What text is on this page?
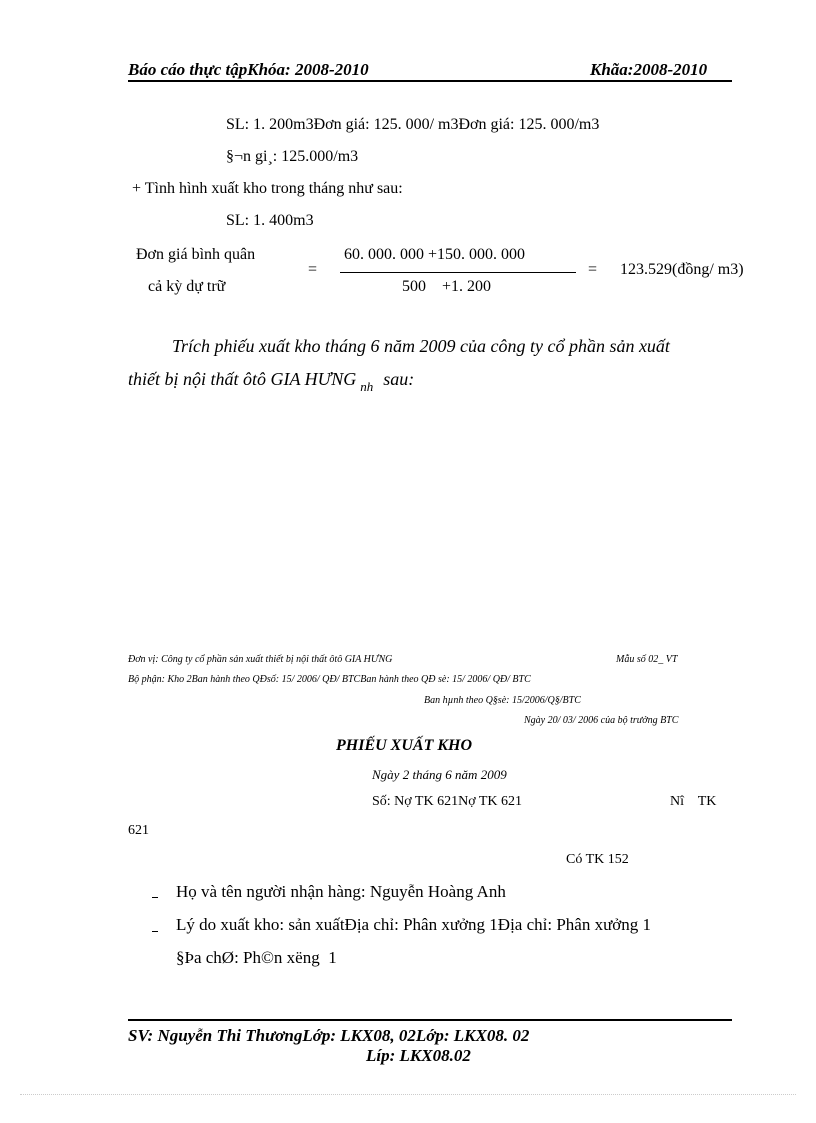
Báo cáo thực tậpKhóa: 2008-2010	Khãa:2008-2010
SL: 1. 200m3Đơn giá: 125. 000/ m3Đơn giá: 125. 000/m3
§¬n gi¸: 125.000/m3
+ Tình hình xuất kho trong tháng như sau:
SL: 1. 400m3
Đơn giá bình quân
cả kỳ dự trữ
=
60. 000. 000 +150. 000. 000
500    +1. 200
= 123.529(đồng/ m3)
Trích phiếu xuất kho tháng 6 năm 2009 của công ty cổ phần sản xuất
thiết bị nội thất ôtô GIA HƯNG $_{nh}$ sau:
Đơn vị: Công ty cổ phần sản xuất thiết bị nội thất ôtô GIA HƯNG	Mẫu số 02_ VT
Bộ phận: Kho 2Ban hành theo QĐsố: 15/ 2006/ QĐ/ BTCBan hành theo QĐ sè: 15/ 2006/ QĐ/ BTC
Ban hµnh theo Q§sè: 15/2006/Q§/BTC
Ngày 20/ 03/ 2006 của bộ trưởng BTC
PHIẾU XUẤT KHO
Ngày 2 tháng 6 năm 2009
Số: Nợ TK 621Nợ TK 621	Nî    TK
621
Có TK 152
Họ và tên người nhận hàng: Nguyễn Hoàng Anh
Lý do xuất kho: sản xuấtĐịa chỉ: Phân xưởng 1Địa chỉ: Phân xưởng 1
§Þa chØ: Ph©n xëng  1
SV: Nguyễn Thi ThươngLớp: LKX08, 02Lớp: LKX08. 02
Líp: LKX08.02
